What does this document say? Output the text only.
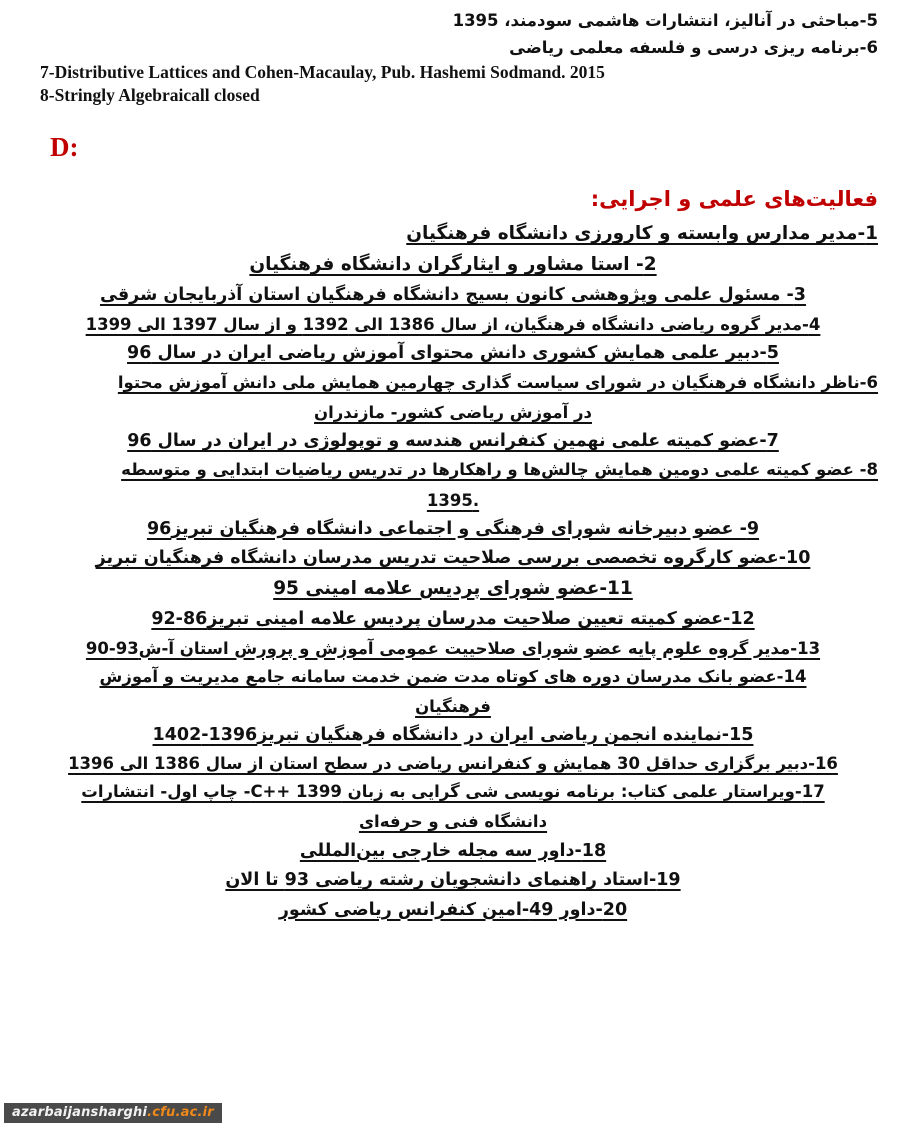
5-مباحثی در آنالیز، انتشارات هاشمی سودمند، 1395

6-برنامه ریزی درسی و فلسفه معلمی ریاضی

7-Distributive Lattices and Cohen-Macaulay, Pub. Hashemi Sodmand. 2015

8-Stringly Algebraicall closed

D:

فعالیت‌های علمی و اجرایی:

1-مدیر مدارس وابسته و کارورزی دانشگاه فرهنگیان
2- استا مشاور و ایثارگران دانشگاه فرهنگیان
3- مسئول علمی وپژوهشی کانون بسیج دانشگاه فرهنگیان استان آذربایجان شرقی
4-مدیر گروه ریاضی دانشگاه فرهنگیان، از سال 1386 الی 1392 و از سال 1397 الی 1399
5-دبیر علمی همایش کشوری دانش محتوای آموزش ریاضی ایران در سال 96
6-ناظر دانشگاه فرهنگیان در شورای سیاست گذاری چهارمین همایش ملی دانش آموزش محتوا
در آموزش ریاضی کشور- مازندران
7-عضو کمیته علمی نهمین کنفرانس هندسه و توپولوژی در ایران در سال 96
8- عضو کمیته علمی دومین همایش چالش‌ها و راهکارها در تدریس ریاضیات ابتدایی و متوسطه
.1395
9- عضو دبیرخانه شورای فرهنگی و اجتماعی دانشگاه فرهنگیان تبریز96
10-عضو کارگروه تخصصی بررسی صلاحیت تدریس مدرسان دانشگاه فرهنگیان تبریز
11-عضو شورای پردیس علامه امینی 95
12-عضو کمیته تعیین صلاحیت مدرسان پردیس علامه امینی تبریز86-92
13-مدیر گروه علوم پایه عضو شورای صلاحییت عمومی آموزش و پرورش استان آ-ش93-90
14-عضو بانک مدرسان دوره های کوتاه مدت ضمن خدمت سامانه جامع مدیریت و آموزش
فرهنگیان
15-نماینده انجمن ریاضی ایران در دانشگاه فرهنگیان تبریز1396-1402
16-دبیر برگزاری حداقل 30 همایش و کنفرانس ریاضی در سطح استان از سال 1386 الی 1396
17-ویراستار علمی کتاب: برنامه نویسی شی گرایی به زبان C++ 1399- چاپ اول- انتشارات
دانشگاه فنی و حرفه‌ای
18-داور سه مجله خارجی بین‌المللی
19-استاد راهنمای دانشجویان رشته ریاضی 93 تا الان
20-داور 49-امین کنفرانس ریاضی کشور
azarbaijansharghi.cfu.ac.ir
